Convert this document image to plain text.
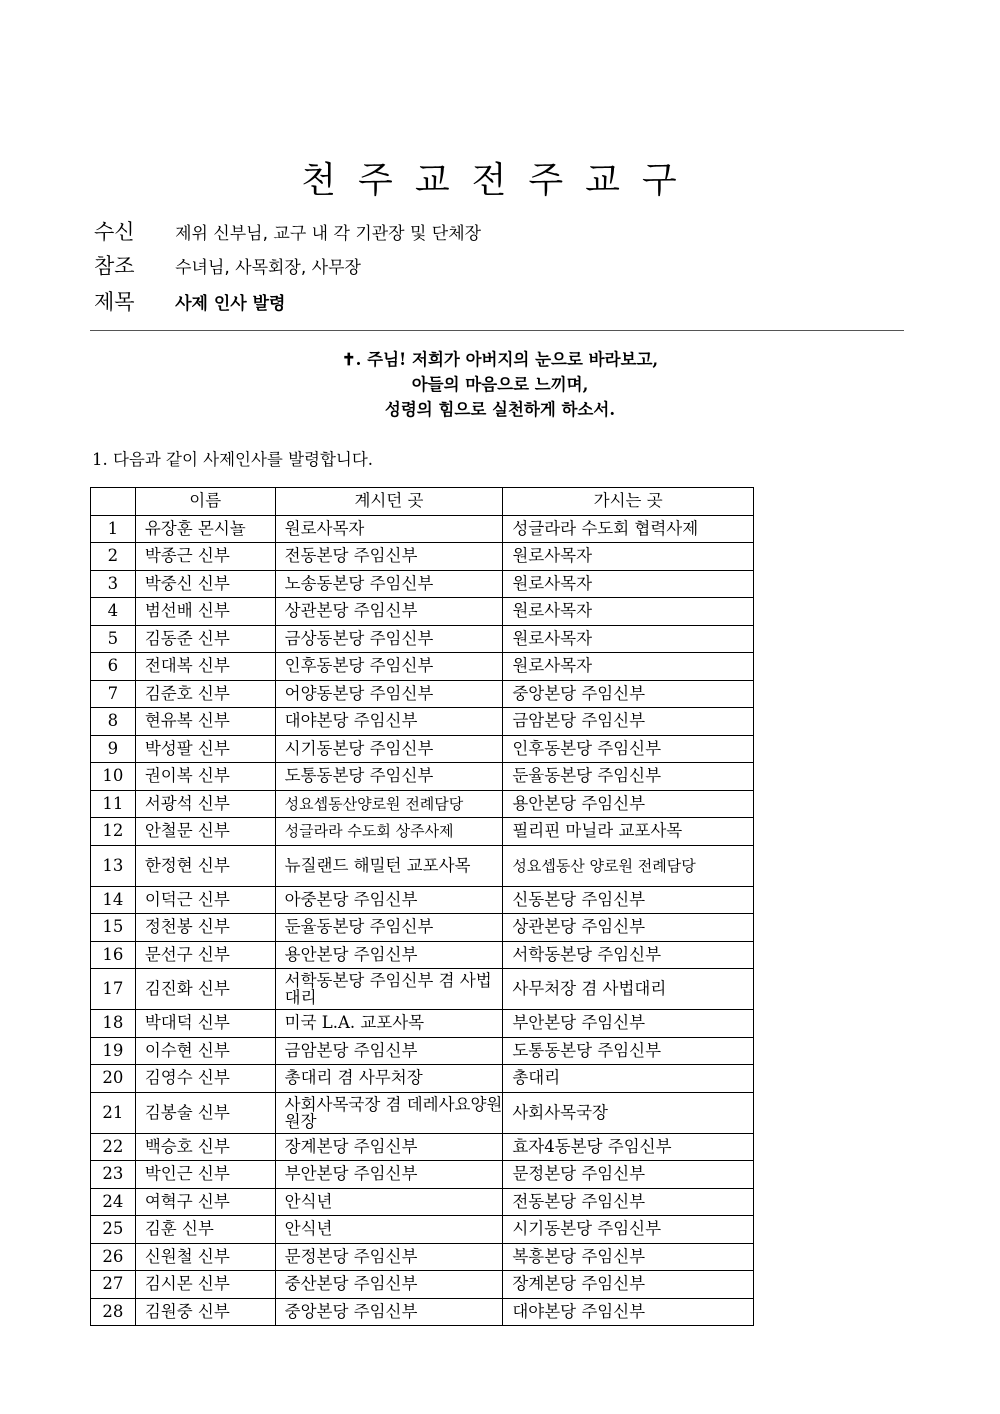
천주교전주교구
수신 제위 신부님, 교구 내 각 기관장 및 단체장
참조 수녀님, 사목회장, 사무장
제목 사제 인사 발령
✝. 주님! 저희가 아버지의 눈으로 바라보고,
아들의 마음으로 느끼며,
성령의 힘으로 실천하게 하소서.
1. 다음과 같이 사제인사를 발령합니다.
	이름	계시던 곳	가시는 곳
1	유장훈 몬시뇰	원로사목자	성글라라 수도회 협력사제
2	박종근 신부	전동본당 주임신부	원로사목자
3	박중신 신부	노송동본당 주임신부	원로사목자
4	범선배 신부	상관본당 주임신부	원로사목자
5	김동준 신부	금상동본당 주임신부	원로사목자
6	전대복 신부	인후동본당 주임신부	원로사목자
7	김준호 신부	어양동본당 주임신부	중앙본당 주임신부
8	현유복 신부	대야본당 주임신부	금암본당 주임신부
9	박성팔 신부	시기동본당 주임신부	인후동본당 주임신부
10	권이복 신부	도통동본당 주임신부	둔율동본당 주임신부
11	서광석 신부	성요셉동산양로원 전례담당	용안본당 주임신부
12	안철문 신부	성글라라 수도회 상주사제	필리핀 마닐라 교포사목
13	한정현 신부	뉴질랜드 해밀턴 교포사목	성요셉동산 양로원 전례담당
14	이덕근 신부	아중본당 주임신부	신동본당 주임신부
15	정천봉 신부	둔율동본당 주임신부	상관본당 주임신부
16	문선구 신부	용안본당 주임신부	서학동본당 주임신부
17	김진화 신부	서학동본당 주임신부 겸 사법대리	사무처장 겸 사법대리
18	박대덕 신부	미국 L.A. 교포사목	부안본당 주임신부
19	이수현 신부	금암본당 주임신부	도통동본당 주임신부
20	김영수 신부	총대리 겸 사무처장	총대리
21	김봉술 신부	사회사목국장 겸 데레사요양원 원장	사회사목국장
22	백승호 신부	장계본당 주임신부	효자4동본당 주임신부
23	박인근 신부	부안본당 주임신부	문정본당 주임신부
24	여혁구 신부	안식년	전동본당 주임신부
25	김훈 신부	안식년	시기동본당 주임신부
26	신원철 신부	문정본당 주임신부	복흥본당 주임신부
27	김시몬 신부	중산본당 주임신부	장계본당 주임신부
28	김원중 신부	중앙본당 주임신부	대야본당 주임신부
